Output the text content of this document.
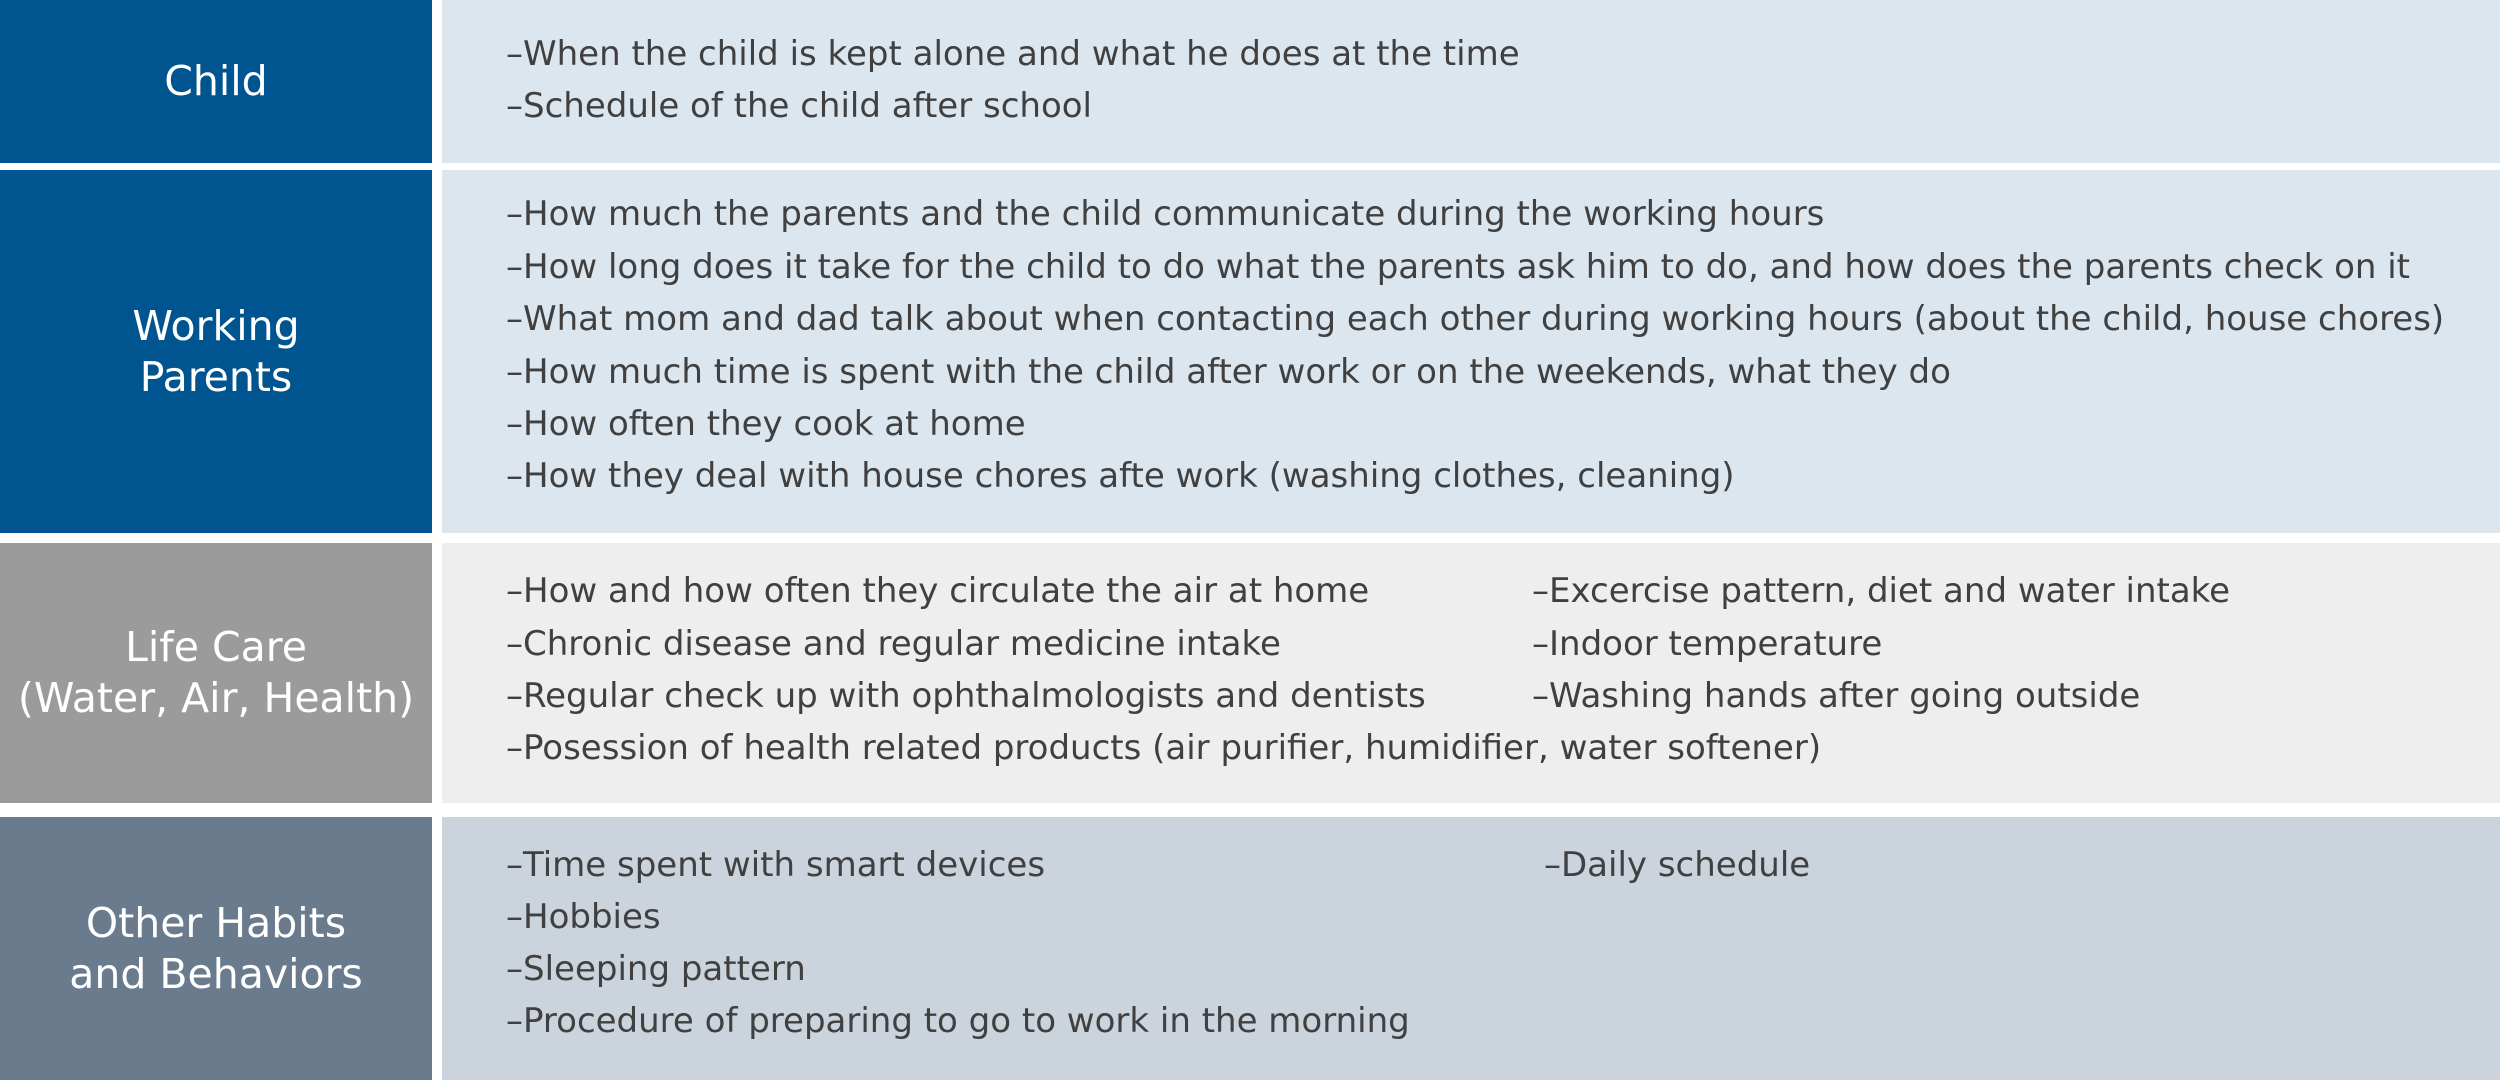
Child
–When the child is kept alone and what he does at the time
–Schedule of the child after school
Working
Parents
–How much the parents and the child communicate during the working hours
–How long does it take for the child to do what the parents ask him to do, and how does the parents check on it
–What mom and dad talk about when contacting each other during working hours (about the child, house chores)
–How much time is spent with the child after work or on the weekends, what they do
–How often they cook at home
–How they deal with house chores afte work (washing clothes, cleaning)
Life Care
(Water, Air, Health)
–How and how often they circulate the air at home
–Chronic disease and regular medicine intake
–Regular check up with ophthalmologists and dentists
–Posession of health related products (air purifier, humidifier, water softener)
–Excercise pattern, diet and water intake
–Indoor temperature
–Washing hands after going outside
Other Habits
and Behaviors
–Time spent with smart devices
–Hobbies
–Sleeping pattern
–Procedure of preparing to go to work in the morning
–Daily schedule
